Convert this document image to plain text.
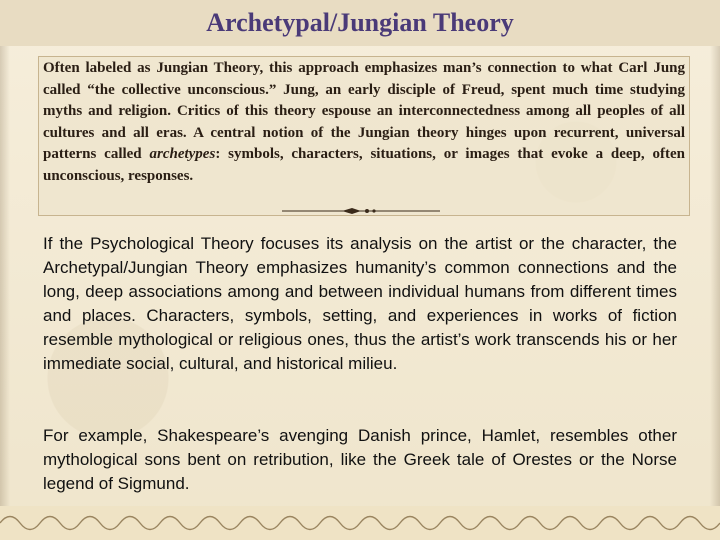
Archetypal/Jungian Theory
Often labeled as Jungian Theory, this approach emphasizes man’s connection to what Carl Jung called “the collective unconscious.” Jung, an early disciple of Freud, spent much time studying myths and religion. Critics of this theory espouse an interconnectedness among all peoples of all cultures and all eras. A central notion of the Jungian theory hinges upon recurrent, universal patterns called archetypes: symbols, characters, situations, or images that evoke a deep, often unconscious, responses.
If the Psychological Theory focuses its analysis on the artist or the character, the Archetypal/Jungian Theory emphasizes humanity’s common connections and the long, deep associations among and between individual humans from different times and places. Characters, symbols, setting, and experiences in works of fiction resemble mythological or religious ones, thus the artist’s work transcends his or her immediate social, cultural, and historical milieu.
For example, Shakespeare’s avenging Danish prince, Hamlet, resembles other mythological sons bent on retribution, like the Greek tale of Orestes or the Norse legend of Sigmund.
